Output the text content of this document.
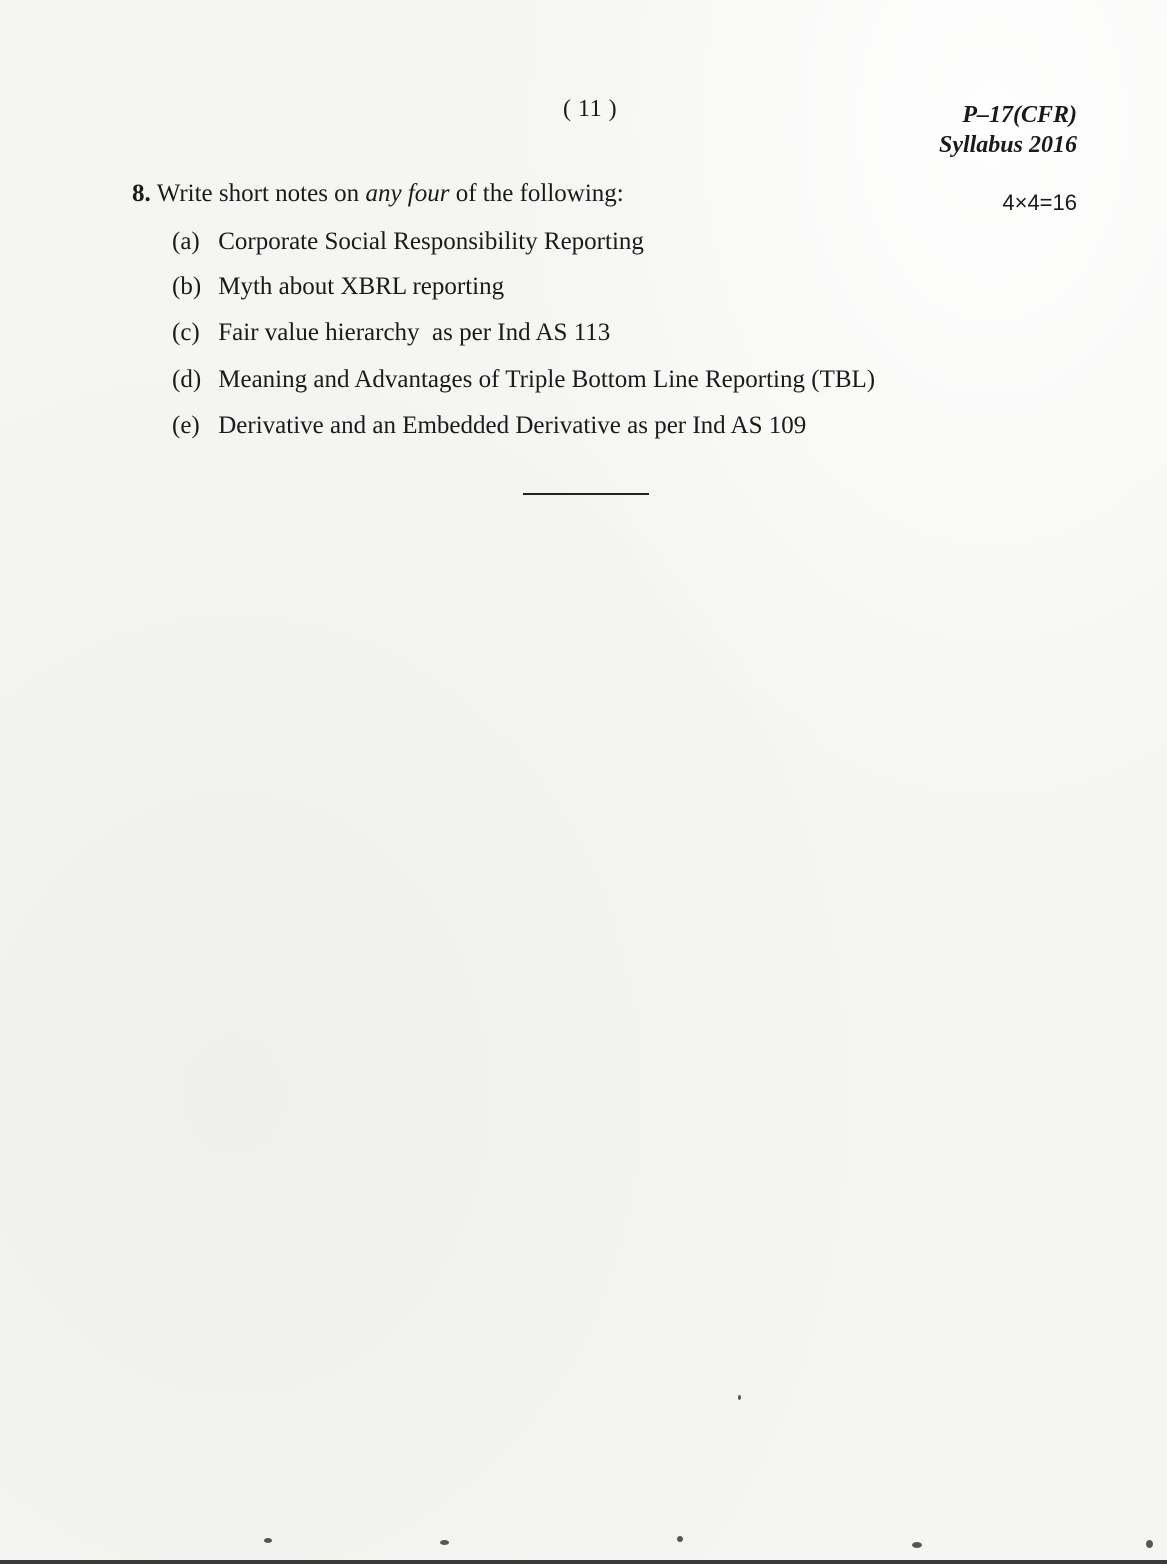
( 11 )	P–17(CFR)
Syllabus 2016
8. Write short notes on any four of the following:	4×4=16
(a) Corporate Social Responsibility Reporting
(b) Myth about XBRL reporting
(c) Fair value hierarchy  as per Ind AS 113
(d) Meaning and Advantages of Triple Bottom Line Reporting (TBL)
(e) Derivative and an Embedded Derivative as per Ind AS 109
